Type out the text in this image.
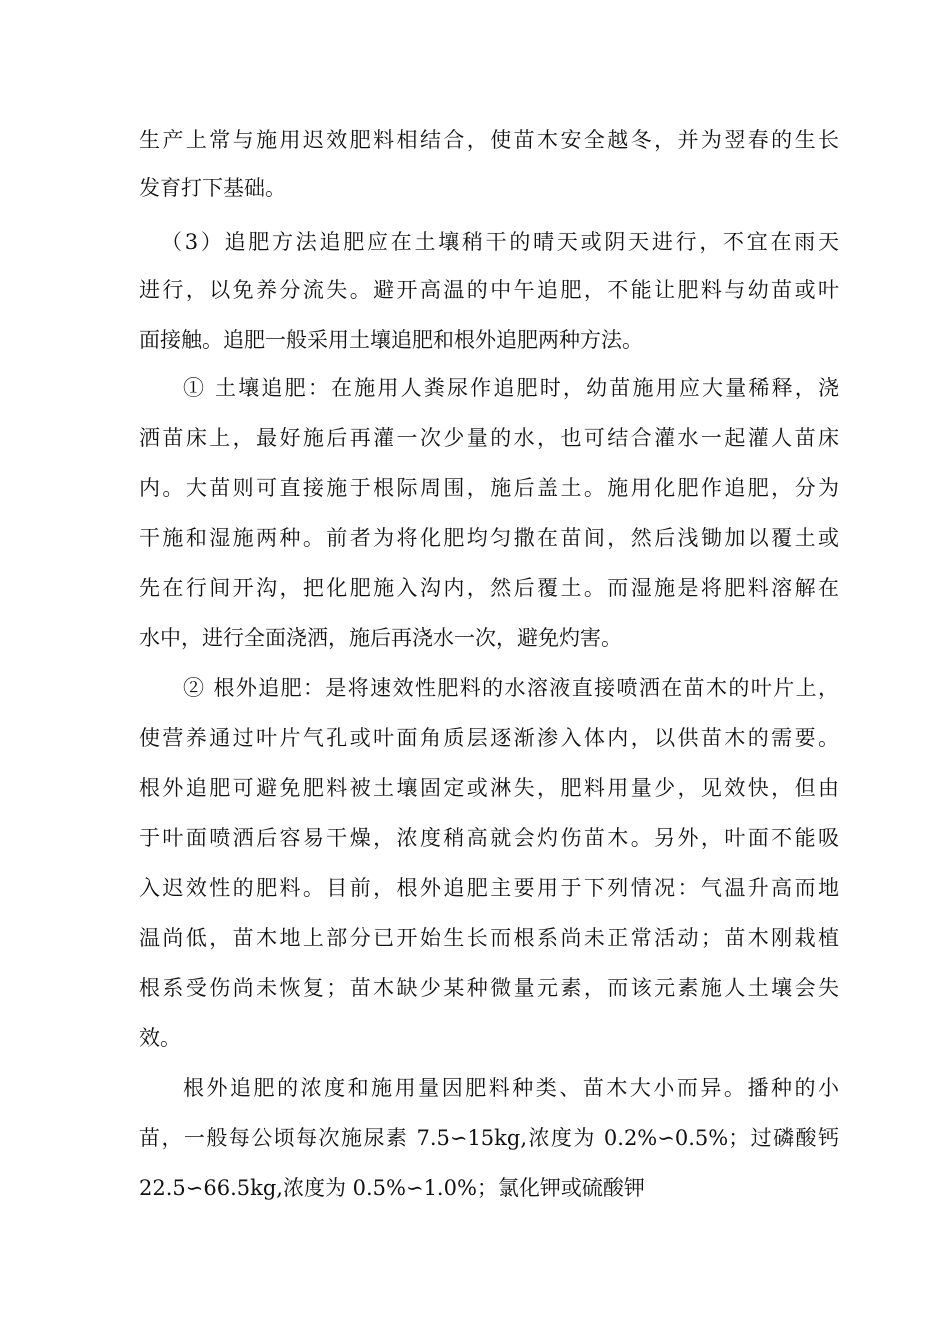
生产上常与施用迟效肥料相结合，使苗木安全越冬，并为翌春的生长

发育打下基础。

（3）追肥方法追肥应在土壤稍干的晴天或阴天进行，不宜在雨天

进行，以免养分流失。避开高温的中午追肥，不能让肥料与幼苗或叶

面接触。追肥一般采用土壤追肥和根外追肥两种方法。

① 土壤追肥：在施用人粪尿作追肥时，幼苗施用应大量稀释，浇

洒苗床上，最好施后再灌一次少量的水，也可结合灌水一起灌人苗床

内。大苗则可直接施于根际周围，施后盖土。施用化肥作追肥，分为

干施和湿施两种。前者为将化肥均匀撒在苗间，然后浅锄加以覆土或

先在行间开沟，把化肥施入沟内，然后覆土。而湿施是将肥料溶解在

水中，进行全面浇洒，施后再浇水一次，避免灼害。

② 根外追肥：是将速效性肥料的水溶液直接喷洒在苗木的叶片上，

使营养通过叶片气孔或叶面角质层逐渐渗入体内，以供苗木的需要。

根外追肥可避免肥料被土壤固定或淋失，肥料用量少，见效快，但由

于叶面喷洒后容易干燥，浓度稍高就会灼伤苗木。另外，叶面不能吸

入迟效性的肥料。目前，根外追肥主要用于下列情况：气温升高而地

温尚低，苗木地上部分已开始生长而根系尚未正常活动；苗木刚栽植

根系受伤尚未恢复；苗木缺少某种微量元素，而该元素施人土壤会失

效。

根外追肥的浓度和施用量因肥料种类、苗木大小而异。播种的小

苗，一般每公顷每次施尿素 7.5∽15kg,浓度为 0.2%∽0.5%；过磷酸钙

22.5∽66.5kg,浓度为 0.5%∽1.0%；氯化钾或硫酸钾
